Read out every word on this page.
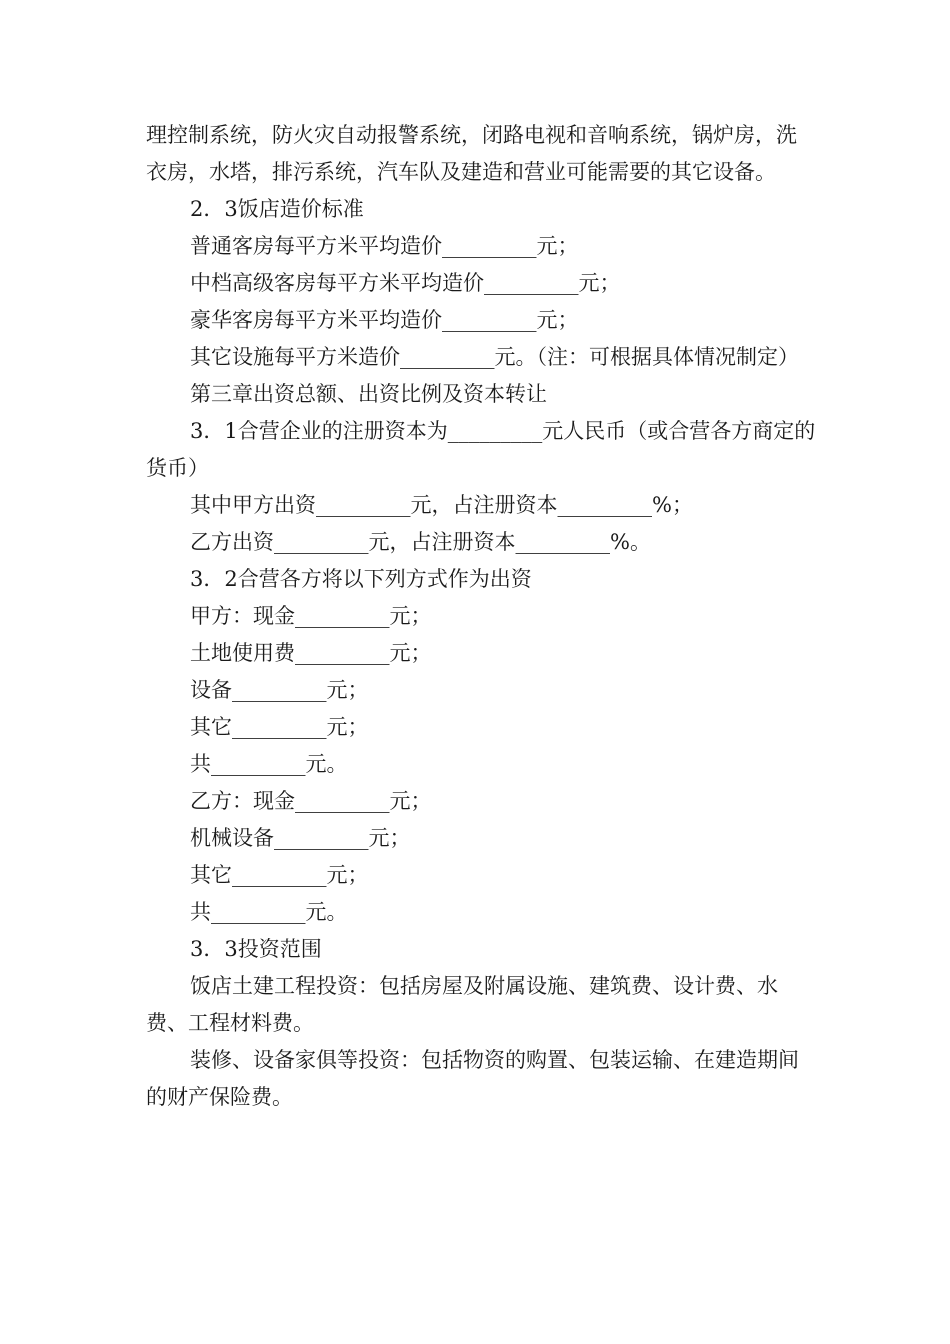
理控制系统，防火灾自动报警系统，闭路电视和音响系统，锅炉房，洗衣房，水塔，排污系统，汽车队及建造和营业可能需要的其它设备。

2．3饭店造价标准

普通客房每平方米平均造价_________元；

中档高级客房每平方米平均造价_________元；

豪华客房每平方米平均造价_________元；

其它设施每平方米造价_________元。（注：可根据具体情况制定）

第三章出资总额、出资比例及资本转让

3．1合营企业的注册资本为_________元人民币（或合营各方商定的货币）

其中甲方出资_________元，占注册资本_________%；

乙方出资_________元，占注册资本_________%。

3．2合营各方将以下列方式作为出资

甲方：现金_________元；

土地使用费_________元；

设备_________元；

其它_________元；

共_________元。

乙方：现金_________元；

机械设备_________元；

其它_________元；

共_________元。

3．3投资范围

饭店土建工程投资：包括房屋及附属设施、建筑费、设计费、水费、工程材料费。

装修、设备家俱等投资：包括物资的购置、包装运输、在建造期间的财产保险费。
